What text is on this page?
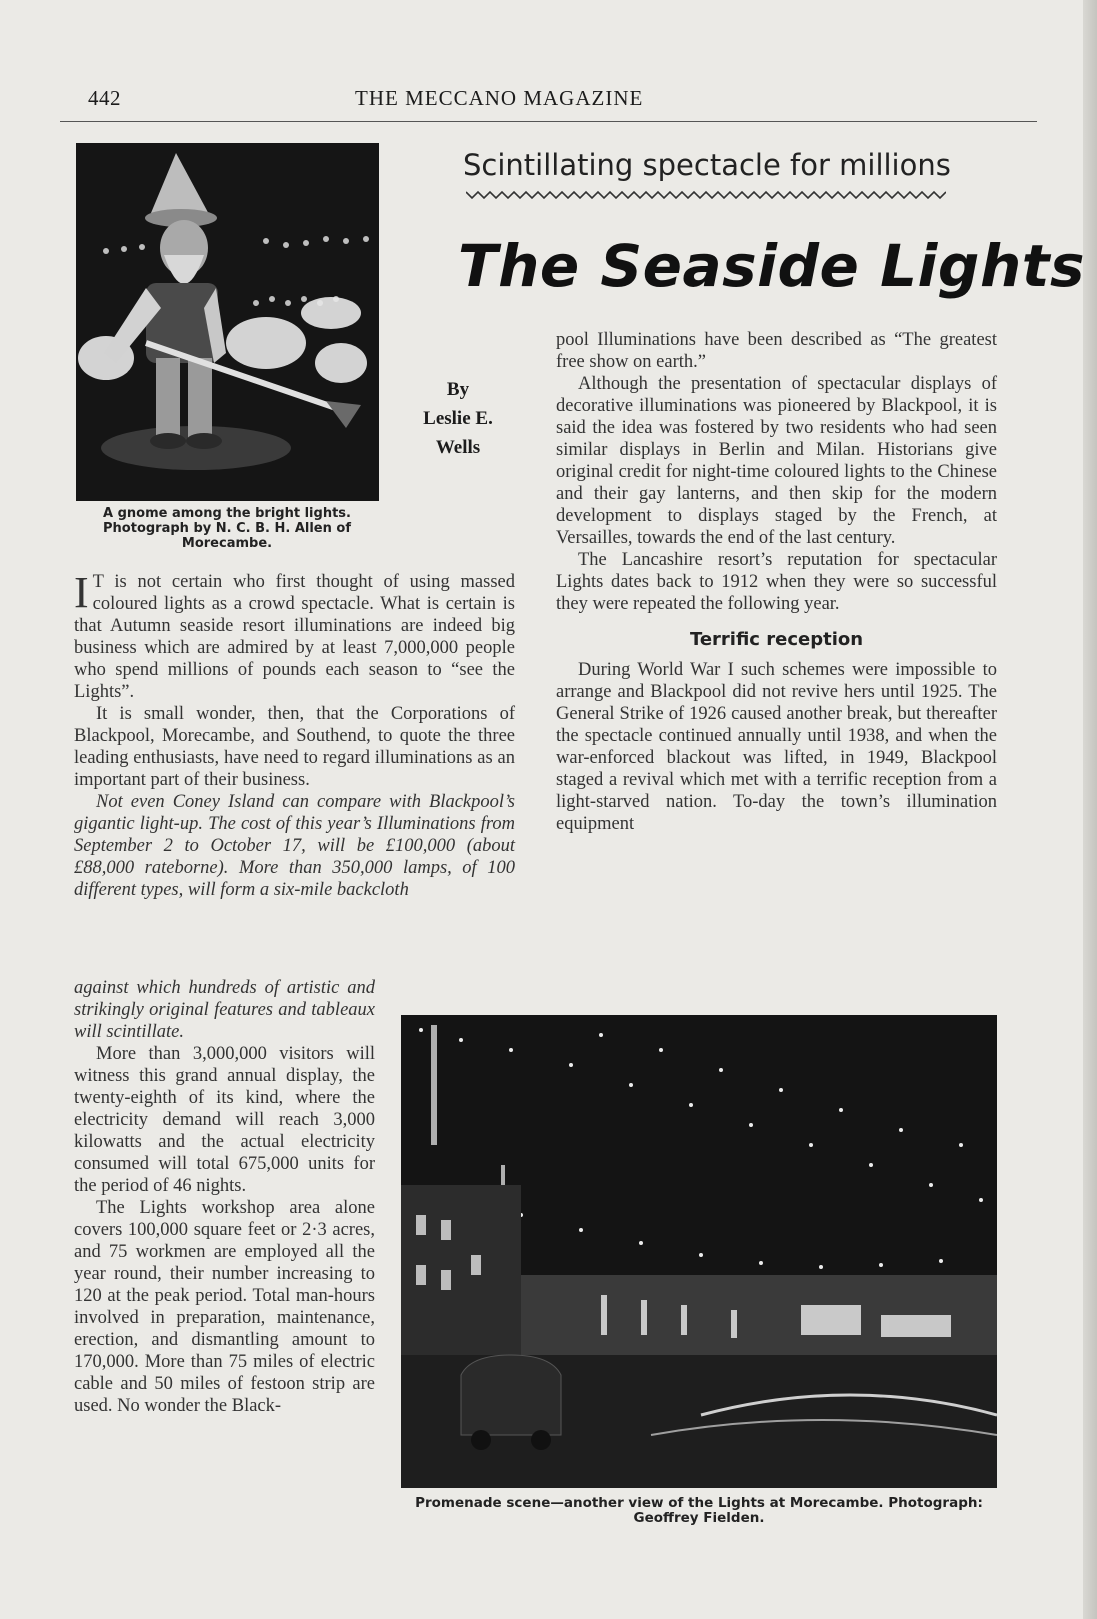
442	THE MECCANO MAGAZINE
A gnome among the bright lights. Photograph by N. C. B. H. Allen of Morecambe.
Scintillating spectacle for millions
The Seaside Lights
By
Leslie E.
Wells

I T is not certain who first thought of using massed coloured lights as a crowd spectacle. What is certain is that Autumn seaside resort illuminations are indeed big business which are admired by at least 7,000,000 people who spend millions of pounds each season to “see the Lights”.

It is small wonder, then, that the Corporations of Blackpool, Morecambe, and Southend, to quote the three leading enthusiasts, have need to regard illuminations as an important part of their business.

Not even Coney Island can compare with Blackpool’s gigantic light-up. The cost of this year’s Illuminations from September 2 to October 17, will be £100,000 (about £88,000 rateborne). More than 350,000 lamps, of 100 different types, will form a six-mile backcloth

against which hundreds of artistic and strikingly original features and tableaux will scintillate.

More than 3,000,000 visitors will witness this grand annual display, the twenty-eighth of its kind, where the electricity demand will reach 3,000 kilowatts and the actual electricity consumed will total 675,000 units for the period of 46 nights.

The Lights workshop area alone covers 100,000 square feet or 2·3 acres, and 75 workmen are employed all the year round, their number increasing to 120 at the peak period. Total man-hours involved in preparation, maintenance, erection, and dismantling amount to 170,000. More than 75 miles of electric cable and 50 miles of festoon strip are used. No wonder the Black-

pool Illuminations have been described as “The greatest free show on earth.”

Although the presentation of spectacular displays of decorative illuminations was pioneered by Blackpool, it is said the idea was fostered by two residents who had seen similar displays in Berlin and Milan. Historians give original credit for night-time coloured lights to the Chinese and their gay lanterns, and then skip for the modern development to displays staged by the French, at Versailles, towards the end of the last century.

The Lancashire resort’s reputation for spectacular Lights dates back to 1912 when they were so successful they were repeated the following year.

Terrific reception

During World War I such schemes were impossible to arrange and Blackpool did not revive hers until 1925. The General Strike of 1926 caused another break, but thereafter the spectacle continued annually until 1938, and when the war-enforced blackout was lifted, in 1949, Blackpool staged a revival which met with a terrific reception from a light-starved nation. To-day the town’s illumination equipment

Promenade scene—another view of the Lights at Morecambe. Photograph: Geoffrey Fielden.
